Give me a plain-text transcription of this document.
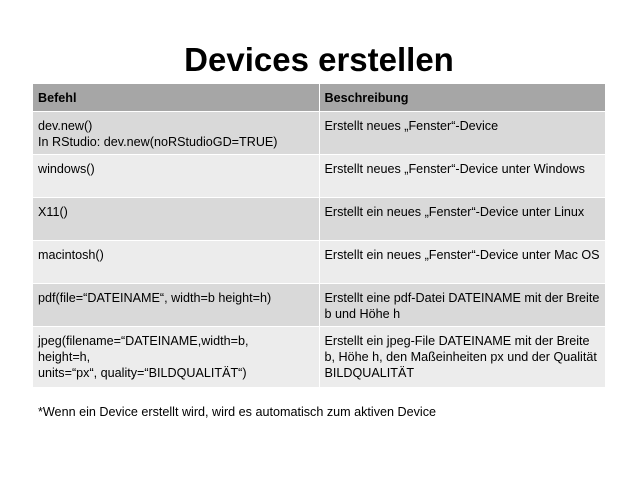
Devices erstellen
Befehl	Beschreibung

dev.new()
In RStudio: dev.new(noRStudioGD=TRUE)	Erstellt neues „Fenster“-Device

windows()	Erstellt neues „Fenster“-Device unter Windows

X11()	Erstellt ein neues „Fenster“-Device unter Linux

macintosh()	Erstellt ein neues „Fenster“-Device unter Mac OS

pdf(file=“DATEINAME“, width=b height=h)	Erstellt eine pdf-Datei DATEINAME mit der Breite b und Höhe h

jpeg(filename=“DATEINAME,width=b,
height=h,
units=“px“, quality=“BILDQUALITÄT“)	Erstellt ein jpeg-File DATEINAME mit der Breite b, Höhe h, den Maßeinheiten px und der Qualität BILDQUALITÄT
*Wenn ein Device erstellt wird, wird es automatisch zum aktiven Device
